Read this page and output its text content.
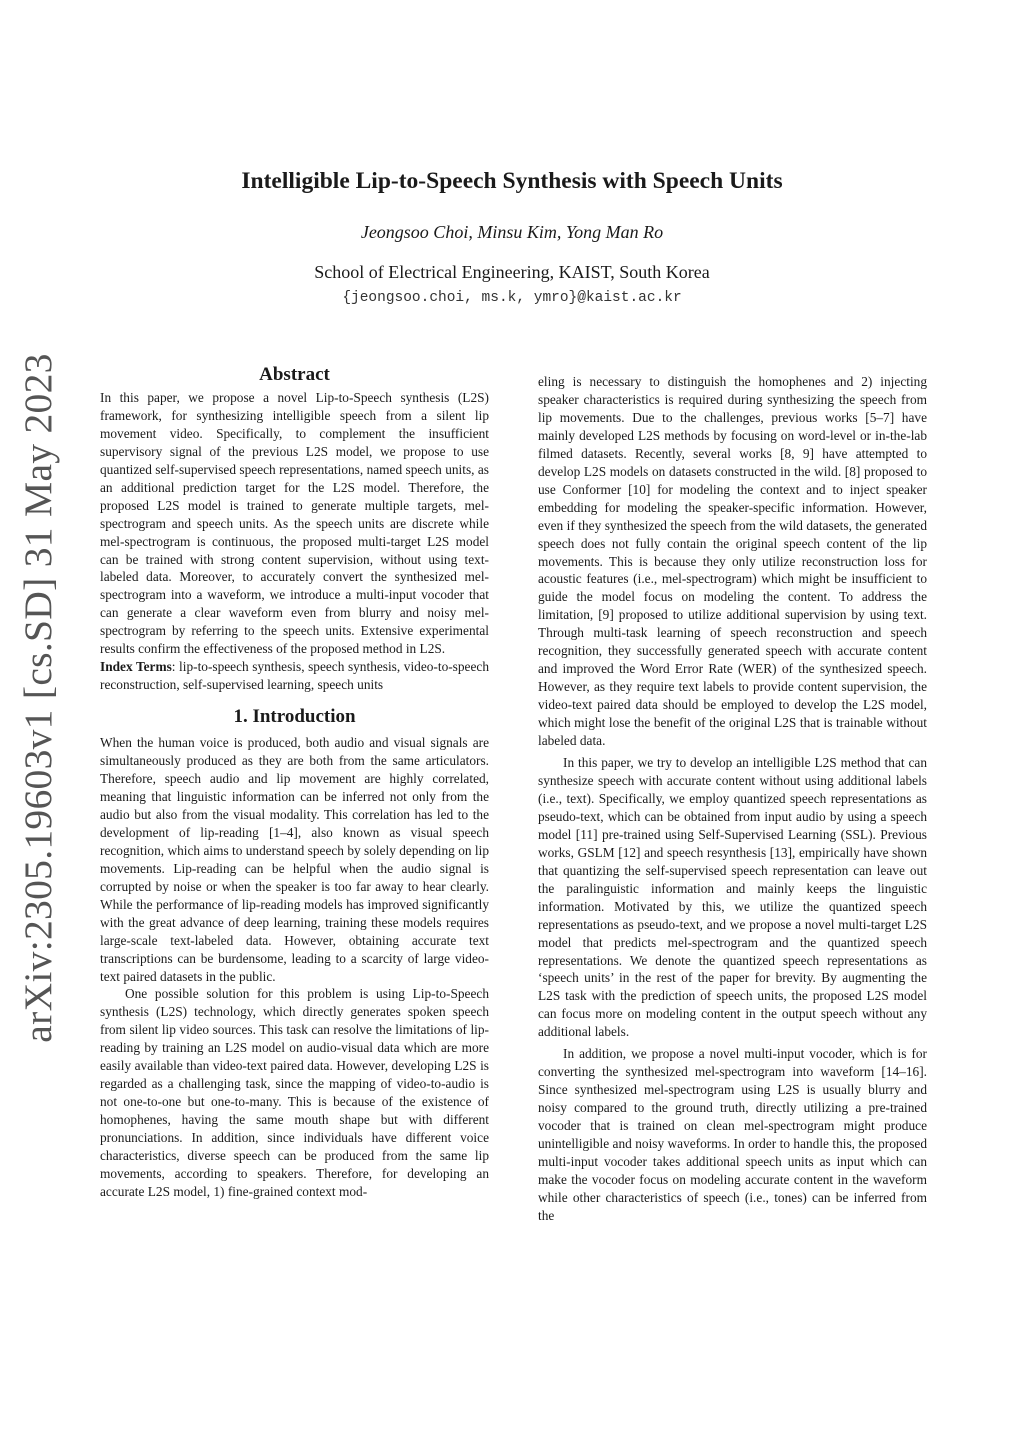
arXiv:2305.19603v1 [cs.SD] 31 May 2023
Intelligible Lip-to-Speech Synthesis with Speech Units
Jeongsoo Choi, Minsu Kim, Yong Man Ro
School of Electrical Engineering, KAIST, South Korea
{jeongsoo.choi, ms.k, ymro}@kaist.ac.kr
Abstract

In this paper, we propose a novel Lip-to-Speech synthesis (L2S) framework, for synthesizing intelligible speech from a silent lip movement video. Specifically, to complement the insufficient supervisory signal of the previous L2S model, we propose to use quantized self-supervised speech representations, named speech units, as an additional prediction target for the L2S model. Therefore, the proposed L2S model is trained to generate multiple targets, mel-spectrogram and speech units. As the speech units are discrete while mel-spectrogram is continuous, the proposed multi-target L2S model can be trained with strong content supervision, without using text-labeled data. Moreover, to accurately convert the synthesized mel-spectrogram into a waveform, we introduce a multi-input vocoder that can generate a clear waveform even from blurry and noisy mel-spectrogram by referring to the speech units. Extensive experimental results confirm the effectiveness of the proposed method in L2S.

Index Terms: lip-to-speech synthesis, speech synthesis, video-to-speech reconstruction, self-supervised learning, speech units

1. Introduction

When the human voice is produced, both audio and visual signals are simultaneously produced as they are both from the same articulators. Therefore, speech audio and lip movement are highly correlated, meaning that linguistic information can be inferred not only from the audio but also from the visual modality. This correlation has led to the development of lip-reading [1–4], also known as visual speech recognition, which aims to understand speech by solely depending on lip movements. Lip-reading can be helpful when the audio signal is corrupted by noise or when the speaker is too far away to hear clearly. While the performance of lip-reading models has improved significantly with the great advance of deep learning, training these models requires large-scale text-labeled data. However, obtaining accurate text transcriptions can be burdensome, leading to a scarcity of large video-text paired datasets in the public.

One possible solution for this problem is using Lip-to-Speech synthesis (L2S) technology, which directly generates spoken speech from silent lip video sources. This task can resolve the limitations of lip-reading by training an L2S model on audio-visual data which are more easily available than video-text paired data. However, developing L2S is regarded as a challenging task, since the mapping of video-to-audio is not one-to-one but one-to-many. This is because of the existence of homophenes, having the same mouth shape but with different pronunciations. In addition, since individuals have different voice characteristics, diverse speech can be produced from the same lip movements, according to speakers. Therefore, for developing an accurate L2S model, 1) fine-grained context mod-

eling is necessary to distinguish the homophenes and 2) injecting speaker characteristics is required during synthesizing the speech from lip movements. Due to the challenges, previous works [5–7] have mainly developed L2S methods by focusing on word-level or in-the-lab filmed datasets. Recently, several works [8, 9] have attempted to develop L2S models on datasets constructed in the wild. [8] proposed to use Conformer [10] for modeling the context and to inject speaker embedding for modeling the speaker-specific information. However, even if they synthesized the speech from the wild datasets, the generated speech does not fully contain the original speech content of the lip movements. This is because they only utilize reconstruction loss for acoustic features (i.e., mel-spectrogram) which might be insufficient to guide the model focus on modeling the content. To address the limitation, [9] proposed to utilize additional supervision by using text. Through multi-task learning of speech reconstruction and speech recognition, they successfully generated speech with accurate content and improved the Word Error Rate (WER) of the synthesized speech. However, as they require text labels to provide content supervision, the video-text paired data should be employed to develop the L2S model, which might lose the benefit of the original L2S that is trainable without labeled data.

In this paper, we try to develop an intelligible L2S method that can synthesize speech with accurate content without using additional labels (i.e., text). Specifically, we employ quantized speech representations as pseudo-text, which can be obtained from input audio by using a speech model [11] pre-trained using Self-Supervised Learning (SSL). Previous works, GSLM [12] and speech resynthesis [13], empirically have shown that quantizing the self-supervised speech representation can leave out the paralinguistic information and mainly keeps the linguistic information. Motivated by this, we utilize the quantized speech representations as pseudo-text, and we propose a novel multi-target L2S model that predicts mel-spectrogram and the quantized speech representations. We denote the quantized speech representations as ‘speech units’ in the rest of the paper for brevity. By augmenting the L2S task with the prediction of speech units, the proposed L2S model can focus more on modeling content in the output speech without any additional labels.

In addition, we propose a novel multi-input vocoder, which is for converting the synthesized mel-spectrogram into waveform [14–16]. Since synthesized mel-spectrogram using L2S is usually blurry and noisy compared to the ground truth, directly utilizing a pre-trained vocoder that is trained on clean mel-spectrogram might produce unintelligible and noisy waveforms. In order to handle this, the proposed multi-input vocoder takes additional speech units as input which can make the vocoder focus on modeling accurate content in the waveform while other characteristics of speech (i.e., tones) can be inferred from the
